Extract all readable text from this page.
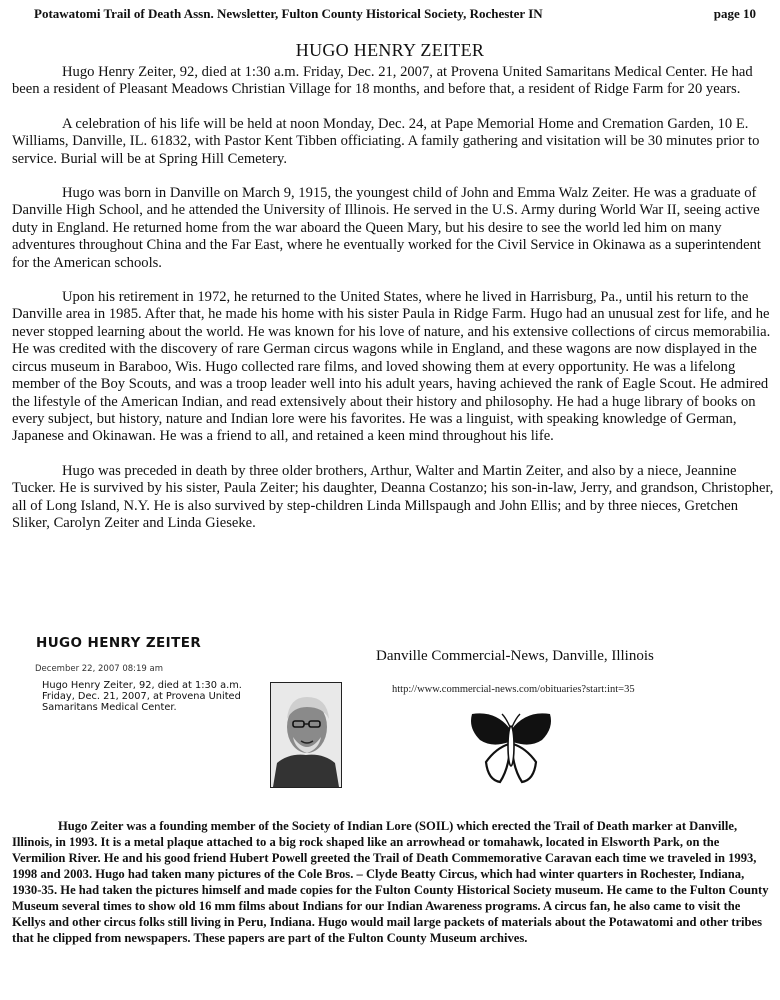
Potawatomi Trail of Death Assn. Newsletter, Fulton County Historical Society, Rochester IN	page 10
HUGO HENRY ZEITER

Hugo Henry Zeiter, 92, died at 1:30 a.m. Friday, Dec. 21, 2007, at Provena United Samaritans Medical Center. He had been a resident of Pleasant Meadows Christian Village for 18 months, and before that, a resident of Ridge Farm for 20 years.

A celebration of his life will be held at noon Monday, Dec. 24, at Pape Memorial Home and Cremation Garden, 10 E. Williams, Danville, IL. 61832, with Pastor Kent Tibben officiating. A family gathering and visitation will be 30 minutes prior to service. Burial will be at Spring Hill Cemetery.

Hugo was born in Danville on March 9, 1915, the youngest child of John and Emma Walz Zeiter. He was a graduate of Danville High School, and he attended the University of Illinois. He served in the U.S. Army during World War II, seeing active duty in England. He returned home from the war aboard the Queen Mary, but his desire to see the world led him on many adventures throughout China and the Far East, where he eventually worked for the Civil Service in Okinawa as a superintendent for the American schools.

Upon his retirement in 1972, he returned to the United States, where he lived in Harrisburg, Pa., until his return to the Danville area in 1985. After that, he made his home with his sister Paula in Ridge Farm. Hugo had an unusual zest for life, and he never stopped learning about the world. He was known for his love of nature, and his extensive collections of circus memorabilia. He was credited with the discovery of rare German circus wagons while in England, and these wagons are now displayed in the circus museum in Baraboo, Wis. Hugo collected rare films, and loved showing them at every opportunity. He was a lifelong member of the Boy Scouts, and was a troop leader well into his adult years, having achieved the rank of Eagle Scout. He admired the lifestyle of the American Indian, and read extensively about their history and philosophy. He had a huge library of books on every subject, but history, nature and Indian lore were his favorites. He was a linguist, with speaking knowledge of German, Japanese and Okinawan. He was a friend to all, and retained a keen mind throughout his life.

Hugo was preceded in death by three older brothers, Arthur, Walter and Martin Zeiter, and also by a niece, Jeannine Tucker. He is survived by his sister, Paula Zeiter; his daughter, Deanna Costanzo; his son-in-law, Jerry, and grandson, Christopher, all of Long Island, N.Y. He is also survived by step-children Linda Millspaugh and John Ellis; and by three nieces, Gretchen Sliker, Carolyn Zeiter and Linda Gieseke.

HUGO HENRY ZEITER
December 22, 2007 08:19 am
Hugo Henry Zeiter, 92, died at 1:30 a.m. Friday, Dec. 21, 2007, at Provena United Samaritans Medical Center.
Danville Commercial-News, Danville, Illinois
http://www.commercial-news.com/obituaries?start:int=35

Hugo Zeiter was a founding member of the Society of Indian Lore (SOIL) which erected the Trail of Death marker at Danville, Illinois, in 1993. It is a metal plaque attached to a big rock shaped like an arrowhead or tomahawk, located in Elsworth Park, on the Vermilion River. He and his good friend Hubert Powell greeted the Trail of Death Commemorative Caravan each time we traveled in 1993, 1998 and 2003. Hugo had taken many pictures of the Cole Bros. – Clyde Beatty Circus, which had winter quarters in Rochester, Indiana, 1930-35. He had taken the pictures himself and made copies for the Fulton County Historical Society museum. He came to the Fulton County Museum several times to show old 16 mm films about Indians for our Indian Awareness programs. A circus fan, he also came to visit the Kellys and other circus folks still living in Peru, Indiana. Hugo would mail large packets of materials about the Potawatomi and other tribes that he clipped from newspapers. These papers are part of the Fulton County Museum archives.
